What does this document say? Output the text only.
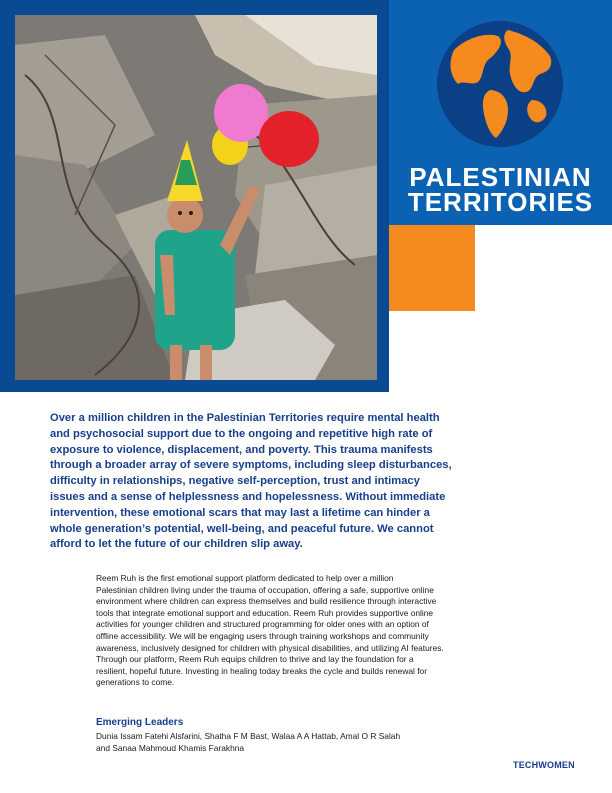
PALESTINIAN
TERRITORIES
Over a million children in the Palestinian Territories require mental health
and psychosocial support due to the ongoing and repetitive high rate of
exposure to violence, displacement, and poverty. This trauma manifests
through a broader array of severe symptoms, including sleep disturbances,
difficulty in relationships, negative self-perception, trust and intimacy
issues and a sense of helplessness and hopelessness. Without immediate
intervention, these emotional scars that may last a lifetime can hinder a
whole generation’s potential, well-being, and peaceful future. We cannot
afford to let the future of our children slip away.
Reem Ruh is the first emotional support platform dedicated to help over a million
Palestinian children living under the trauma of occupation, offering a safe, supportive online
environment where children can express themselves and build resilience through interactive
tools that integrate emotional support and education. Reem Ruh provides supportive online
activities for younger children and structured programming for older ones with an option of
offline accessibility. We will be engaging users through training workshops and community
awareness, inclusively designed for children with physical disabilities, and utilizing AI features.
Through our platform, Reem Ruh equips children to thrive and lay the foundation for a
resilient, hopeful future. Investing in healing today breaks the cycle and builds renewal for
generations to come.
Emerging Leaders
Dunia Issam Fatehi Alsfarini, Shatha F M Bast, Walaa A A Hattab, Amal O R Salah
and Sanaa Mahmoud Khamis Farakhna
TECHWOMEN
